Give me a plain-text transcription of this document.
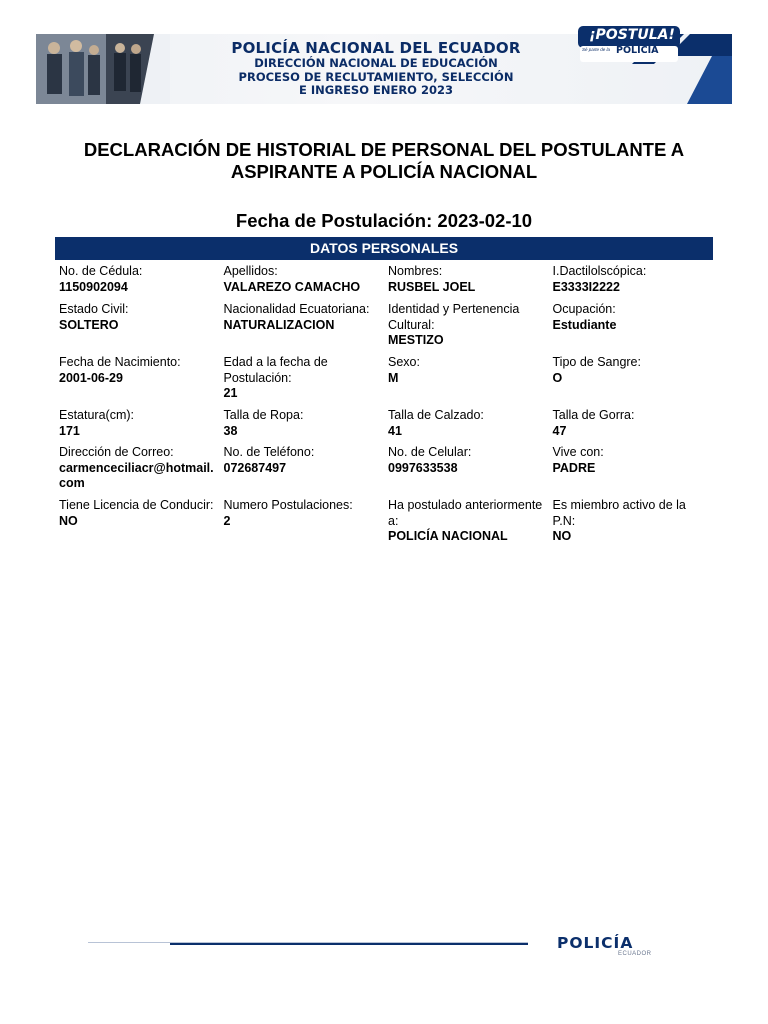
POLICÍA NACIONAL DEL ECUADOR
DIRECCIÓN NACIONAL DE EDUCACIÓN
PROCESO DE RECLUTAMIENTO, SELECCIÓN
E INGRESO ENERO 2023
¡POSTULA!
Sé parte de la POLICÍA
DECLARACIÓN DE HISTORIAL DE PERSONAL DEL POSTULANTE A ASPIRANTE A POLICÍA NACIONAL
Fecha de Postulación: 2023-02-10
DATOS PERSONALES
No. de Cédula:
1150902094
Apellidos:
VALAREZO CAMACHO
Nombres:
RUSBEL JOEL
I.Dactilolscópica:
E3333I2222
Estado Civil:
SOLTERO
Nacionalidad Ecuatoriana:
NATURALIZACION
Identidad y Pertenencia Cultural:
MESTIZO
Ocupación:
Estudiante
Fecha de Nacimiento:
2001-06-29
Edad a la fecha de Postulación:
21
Sexo:
M
Tipo de Sangre:
O
Estatura(cm):
171
Talla de Ropa:
38
Talla de Calzado:
41
Talla de Gorra:
47
Dirección de Correo:
carmenceciliacr@hotmail.com
No. de Teléfono:
072687497
No. de Celular:
0997633538
Vive con:
PADRE
Tiene Licencia de Conducir:
NO
Numero Postulaciones:
2
Ha postulado anteriormente a:
POLICÍA NACIONAL
Es miembro activo de la P.N:
NO
POLICÍA
ECUADOR
